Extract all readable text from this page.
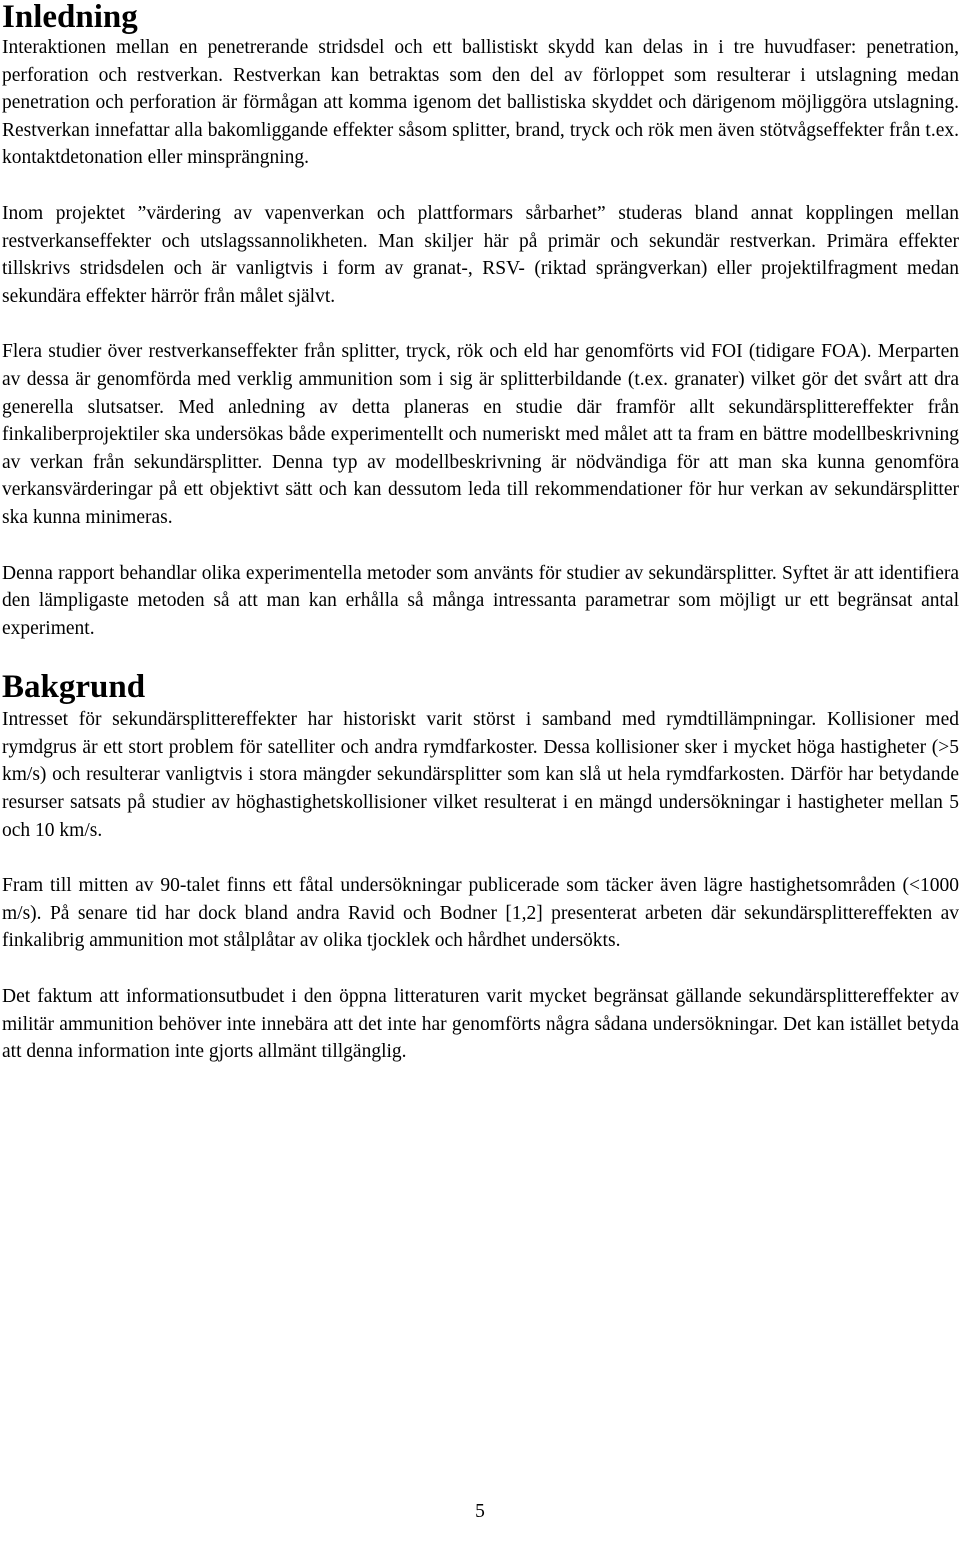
Inledning

Interaktionen mellan en penetrerande stridsdel och ett ballistiskt skydd kan delas in i tre huvudfaser: penetration, perforation och restverkan. Restverkan kan betraktas som den del av förloppet som resulterar i utslagning medan penetration och perforation är förmågan att komma igenom det ballistiska skyddet och därigenom möjliggöra utslagning. Restverkan innefattar alla bakomliggande effekter såsom splitter, brand, tryck och rök men även stötvågseffekter från t.ex. kontaktdetonation eller minsprängning.

Inom projektet ”värdering av vapenverkan och plattformars sårbarhet” studeras bland annat kopplingen mellan restverkanseffekter och utslagssannolikheten. Man skiljer här på primär och sekundär restverkan. Primära effekter tillskrivs stridsdelen och är vanligtvis i form av granat-, RSV- (riktad sprängverkan) eller projektilfragment medan sekundära effekter härrör från målet självt.

Flera studier över restverkanseffekter från splitter, tryck, rök och eld har genomförts vid FOI (tidigare FOA). Merparten av dessa är genomförda med verklig ammunition som i sig är splitterbildande (t.ex. granater) vilket gör det svårt att dra generella slutsatser. Med anledning av detta planeras en studie där framför allt sekundärsplittereffekter från finkaliberprojektiler ska undersökas både experimentellt och numeriskt med målet att ta fram en bättre modellbeskrivning av verkan från sekundärsplitter. Denna typ av modellbeskrivning är nödvändiga för att man ska kunna genomföra verkansvärderingar på ett objektivt sätt och kan dessutom leda till rekommendationer för hur verkan av sekundärsplitter ska kunna minimeras.

Denna rapport behandlar olika experimentella metoder som använts för studier av sekundärsplitter. Syftet är att identifiera den lämpligaste metoden så att man kan erhålla så många intressanta parametrar som möjligt ur ett begränsat antal experiment.

Bakgrund

Intresset för sekundärsplittereffekter har historiskt varit störst i samband med rymdtillämpningar. Kollisioner med rymdgrus är ett stort problem för satelliter och andra rymdfarkoster. Dessa kollisioner sker i mycket höga hastigheter (>5 km/s) och resulterar vanligtvis i stora mängder sekundärsplitter som kan slå ut hela rymdfarkosten. Därför har betydande resurser satsats på studier av höghastighetskollisioner vilket resulterat i en mängd undersökningar i hastigheter mellan 5 och 10 km/s.

Fram till mitten av 90-talet finns ett fåtal undersökningar publicerade som täcker även lägre hastighetsområden (<1000 m/s). På senare tid har dock bland andra Ravid och Bodner [1,2] presenterat arbeten där sekundärsplittereffekten av finkalibrig ammunition mot stålplåtar av olika tjocklek och hårdhet undersökts.

Det faktum att informationsutbudet i den öppna litteraturen varit mycket begränsat gällande sekundärsplittereffekter av militär ammunition behöver inte innebära att det inte har genomförts några sådana undersökningar. Det kan istället betyda att denna information inte gjorts allmänt tillgänglig.

5
